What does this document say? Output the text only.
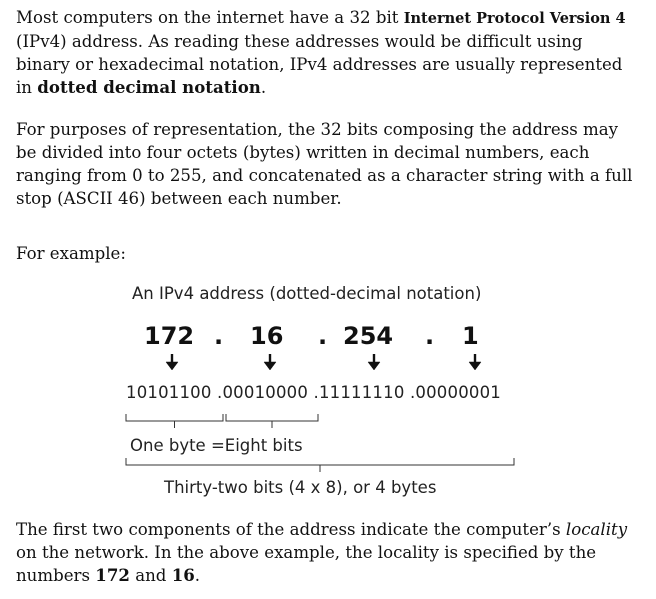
Most computers on the internet have a 32 bit Internet Protocol Version 4 (IPv4) address. As reading these addresses would be difficult using binary or hexadecimal notation, IPv4 addresses are usually represented in dotted decimal notation.
For purposes of representation, the 32 bits composing the address may be divided into four octets (bytes) written in decimal numbers, each ranging from 0 to 255, and concatenated as a character string with a full stop (ASCII 46) between each number.
For example:
An IPv4 address (dotted-decimal notation)
172 . 16 . 254 . 1
10101100 .00010000 .11111110 .00000001
One byte =Eight bits
Thirty-two bits (4 x 8), or 4 bytes
The first two components of the address indicate the computer’s locality on the network. In the above example, the locality is specified by the numbers 172 and 16.
